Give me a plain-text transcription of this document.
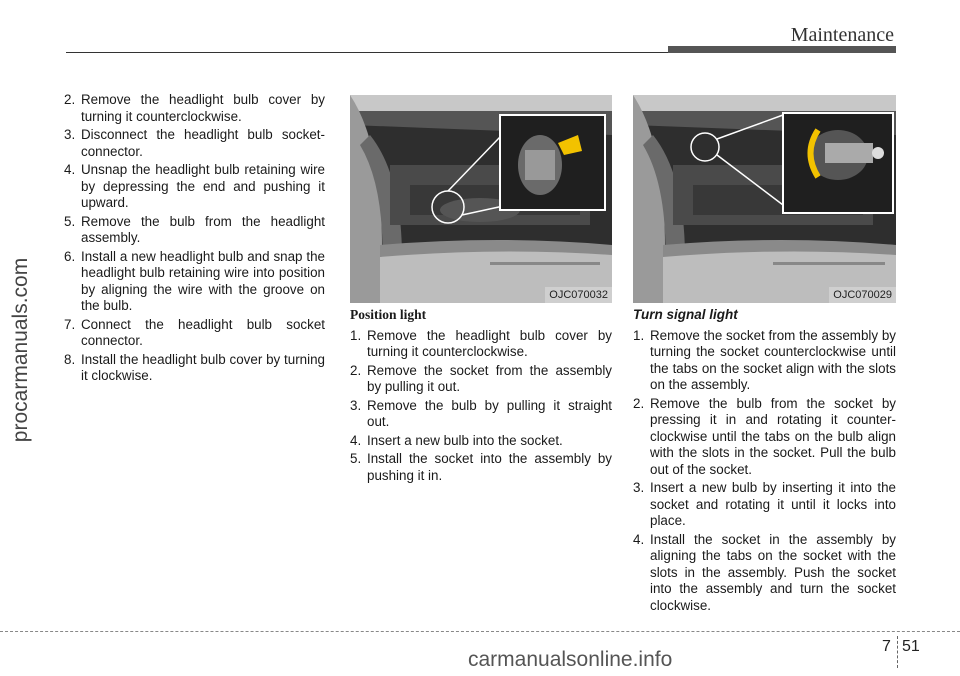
Maintenance
procarmanuals.com
2. Remove the headlight bulb cover by turning it counterclockwise.
3. Disconnect the headlight bulb socket-connector.
4. Unsnap the headlight bulb retaining wire by depressing the end and pushing it upward.
5. Remove the bulb from the headlight assembly.
6. Install a new headlight bulb and snap the headlight bulb retaining wire into position by aligning the wire with the groove on the bulb.
7. Connect the headlight bulb socket connector.
8. Install the headlight bulb cover by turning it clockwise.
OJC070032	OJC070029
Position light
1. Remove the headlight bulb cover by turning it counterclockwise.
2. Remove the socket from the assembly by pulling it out.
3. Remove the bulb by pulling it straight out.
4. Insert a new bulb into the socket.
5. Install the socket into the assembly by pushing it in.
Turn signal light
1. Remove the socket from the assembly by turning the socket counterclockwise until the tabs on the socket align with the slots on the assembly.
2. Remove the bulb from the socket by pressing it in and rotating it counter-clockwise until the tabs on the bulb align with the slots in the socket. Pull the bulb out of the socket.
3. Insert a new bulb by inserting it into the socket and rotating it until it locks into place.
4. Install the socket in the assembly by aligning the tabs on the socket with the slots in the assembly. Push the socket into the assembly and turn the socket clockwise.
7 51
carmanualsonline.info
